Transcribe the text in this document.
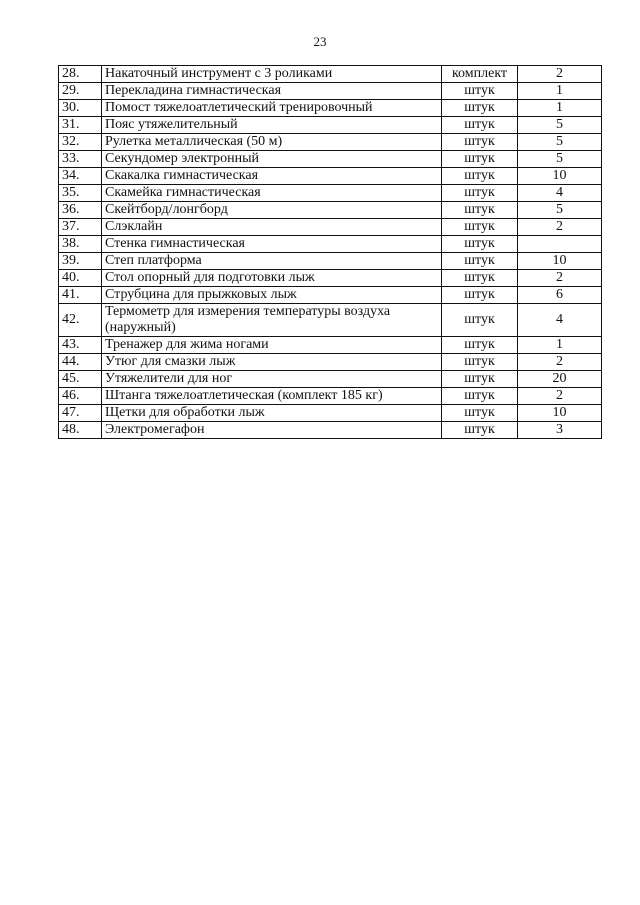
23
28.	Накаточный инструмент с 3 роликами	комплект	2
29.	Перекладина гимнастическая	штук	1
30.	Помост тяжелоатлетический тренировочный	штук	1
31.	Пояс утяжелительный	штук	5
32.	Рулетка металлическая (50 м)	штук	5
33.	Секундомер электронный	штук	5
34.	Скакалка гимнастическая	штук	10
35.	Скамейка гимнастическая	штук	4
36.	Скейтборд/лонгборд	штук	5
37.	Слэклайн	штук	2
38.	Стенка гимнастическая	штук	
39.	Степ платформа	штук	10
40.	Стол опорный для подготовки лыж	штук	2
41.	Струбцина для прыжковых лыж	штук	6
42.	Термометр для измерения температуры воздуха (наружный)	штук	4
43.	Тренажер для жима ногами	штук	1
44.	Утюг для смазки лыж	штук	2
45.	Утяжелители для ног	штук	20
46.	Штанга тяжелоатлетическая (комплект 185 кг)	штук	2
47.	Щетки для обработки лыж	штук	10
48.	Электромегафон	штук	3
